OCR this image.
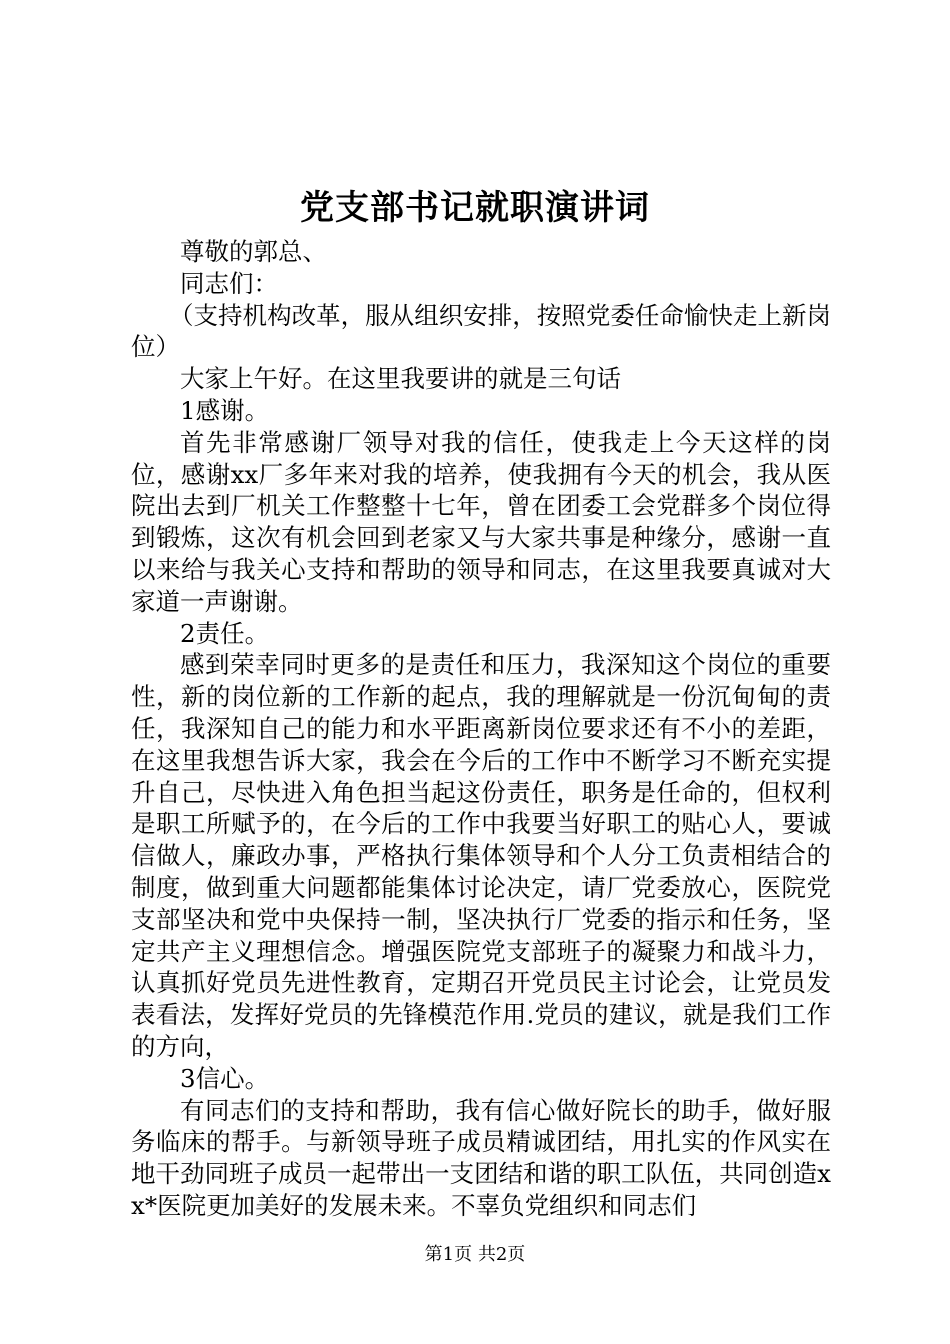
党支部书记就职演讲词

尊敬的郭总、

同志们：

（支持机构改革，服从组织安排，按照党委任命愉快走上新岗位）

大家上午好。在这里我要讲的就是三句话

1感谢。

首先非常感谢厂领导对我的信任，使我走上今天这样的岗位，感谢xx厂多年来对我的培养，使我拥有今天的机会，我从医院出去到厂机关工作整整十七年，曾在团委工会党群多个岗位得到锻炼，这次有机会回到老家又与大家共事是种缘分，感谢一直以来给与我关心支持和帮助的领导和同志，在这里我要真诚对大家道一声谢谢。

2责任。

感到荣幸同时更多的是责任和压力，我深知这个岗位的重要性，新的岗位新的工作新的起点，我的理解就是一份沉甸甸的责任，我深知自己的能力和水平距离新岗位要求还有不小的差距，在这里我想告诉大家，我会在今后的工作中不断学习不断充实提升自己，尽快进入角色担当起这份责任，职务是任命的，但权利是职工所赋予的，在今后的工作中我要当好职工的贴心人，要诚信做人，廉政办事，严格执行集体领导和个人分工负责相结合的制度，做到重大问题都能集体讨论决定，请厂党委放心，医院党支部坚决和党中央保持一制，坚决执行厂党委的指示和任务，坚定共产主义理想信念。增强医院党支部班子的凝聚力和战斗力，认真抓好党员先进性教育，定期召开党员民主讨论会，让党员发表看法，发挥好党员的先锋模范作用.党员的建议，就是我们工作的方向，

3信心。

有同志们的支持和帮助，我有信心做好院长的助手，做好服务临床的帮手。与新领导班子成员精诚团结，用扎实的作风实在地干劲同班子成员一起带出一支团结和谐的职工队伍，共同创造xx*医院更加美好的发展未来。不辜负党组织和同志们

第1页 共2页
